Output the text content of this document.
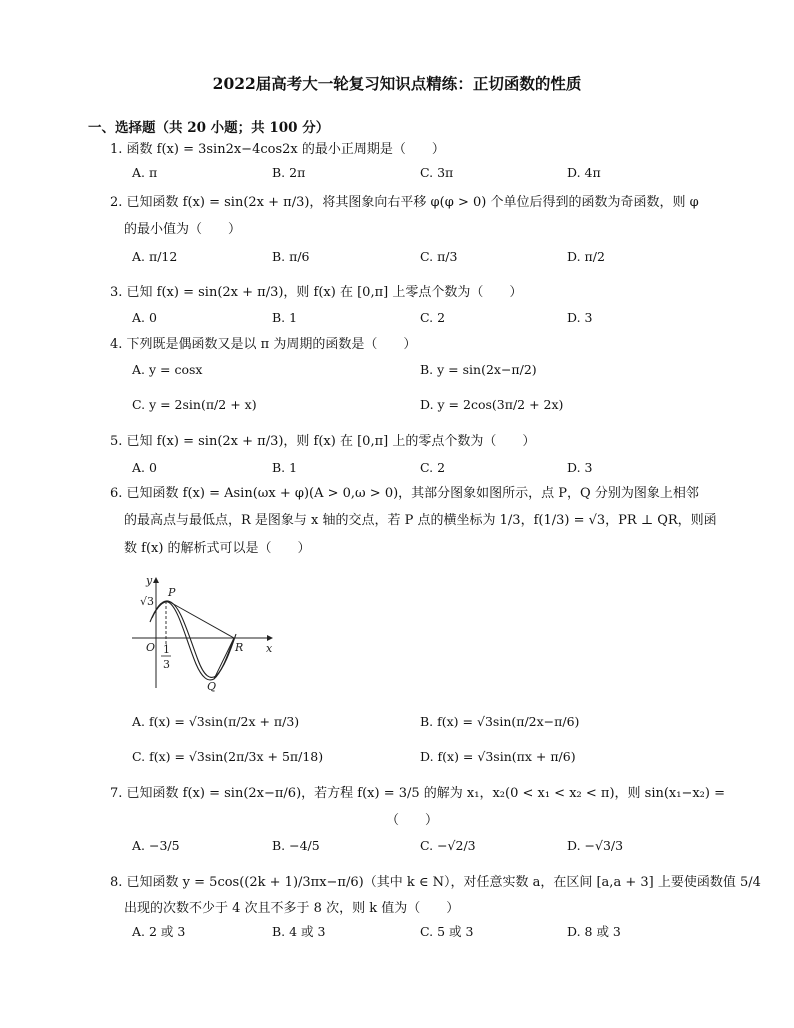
2022届高考大一轮复习知识点精练：正切函数的性质
一、选择题（共 20 小题；共 100 分）
1. 函数 f(x) = 3sin2x−4cos2x 的最小正周期是（　　）
A. π	B. 2π	C. 3π	D. 4π
2. 已知函数 f(x) = sin(2x + π/3)，将其图象向右平移 φ(φ > 0) 个单位后得到的函数为奇函数，则 φ
的最小值为（　　）
A. π/12	B. π/6	C. π/3	D. π/2
3. 已知 f(x) = sin(2x + π/3)，则 f(x) 在 [0,π] 上零点个数为（　　）
A. 0	B. 1	C. 2	D. 3
4. 下列既是偶函数又是以 π 为周期的函数是（　　）
A. y = cosx	B. y = sin(2x−π/2)
C. y = 2sin(π/2 + x)	D. y = 2cos(3π/2 + 2x)
5. 已知 f(x) = sin(2x + π/3)，则 f(x) 在 [0,π] 上的零点个数为（　　）
A. 0	B. 1	C. 2	D. 3
6. 已知函数 f(x) = Asin(ωx + φ)(A > 0,ω > 0)，其部分图象如图所示，点 P，Q 分别为图象上相邻
的最高点与最低点，R 是图象与 x 轴的交点，若 P 点的横坐标为 1/3，f(1/3) = √3，PR ⊥ QR，则函
数 f(x) 的解析式可以是（　　）
y
x
O
P
Q
R
√3
1
3
A. f(x) = √3sin(π/2x + π/3)	B. f(x) = √3sin(π/2x−π/6)
C. f(x) = √3sin(2π/3x + 5π/18)	D. f(x) = √3sin(πx + π/6)
7. 已知函数 f(x) = sin(2x−π/6)，若方程 f(x) = 3/5 的解为 x₁，x₂(0 < x₁ < x₂ < π)，则 sin(x₁−x₂) =
（　　）
A. −3/5	B. −4/5	C. −√2/3	D. −√3/3
8. 已知函数 y = 5cos((2k + 1)/3πx−π/6)（其中 k ∈ N），对任意实数 a，在区间 [a,a + 3] 上要使函数值 5/4
出现的次数不少于 4 次且不多于 8 次，则 k 值为（　　）
A. 2 或 3	B. 4 或 3	C. 5 或 3	D. 8 或 3
